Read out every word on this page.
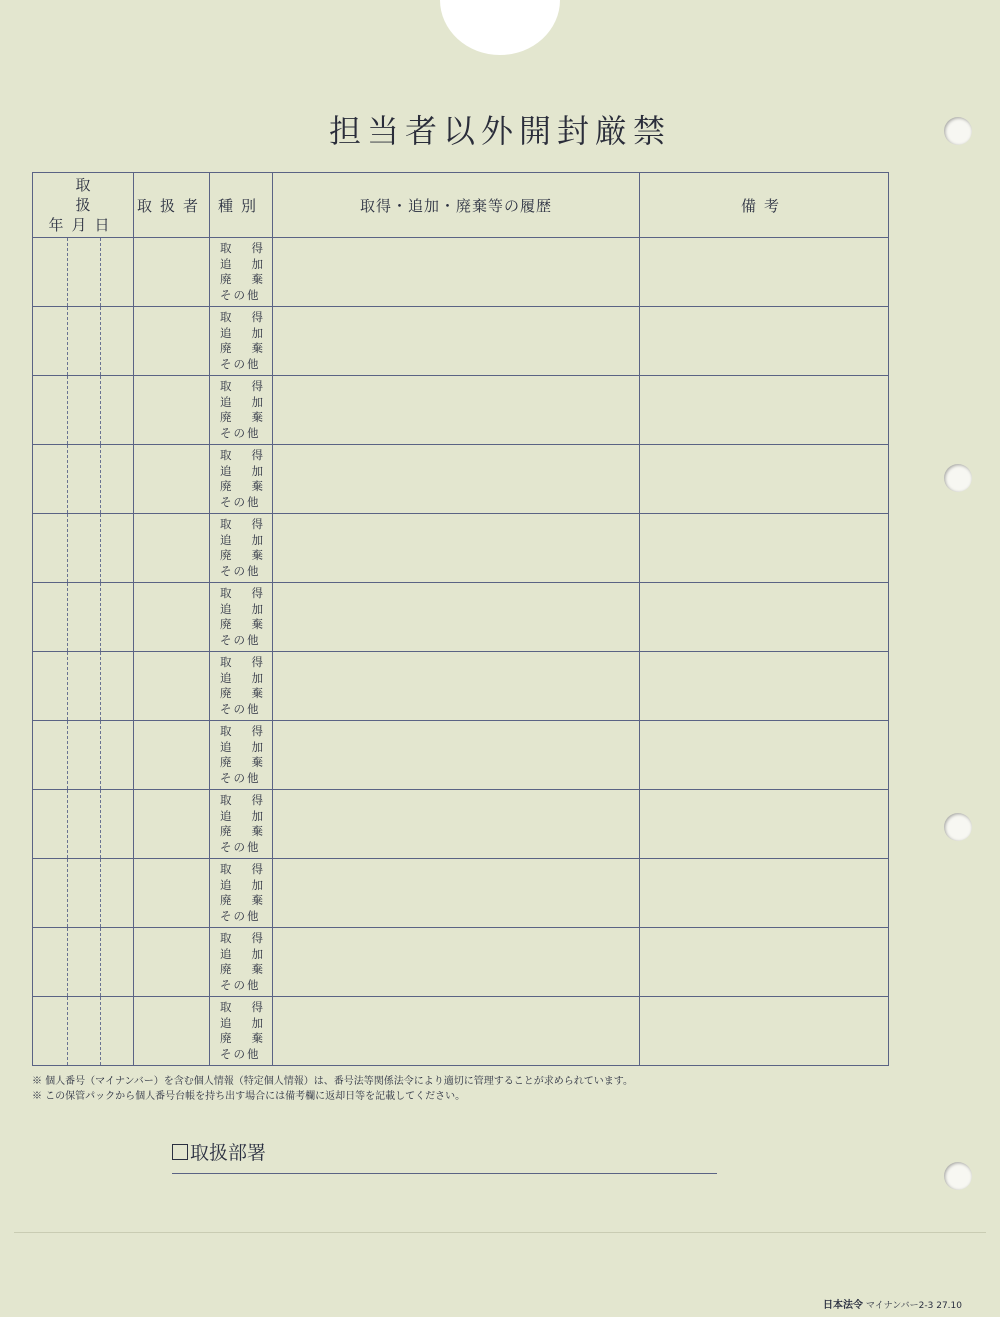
担当者以外開封厳禁
取扱
年月日	取扱者	種別	取得・追加・廃棄等の履歴	備考

		取 得
追 加
廃 棄
その他		

		取 得
追 加
廃 棄
その他		

		取 得
追 加
廃 棄
その他		

		取 得
追 加
廃 棄
その他		

		取 得
追 加
廃 棄
その他		

		取 得
追 加
廃 棄
その他		

		取 得
追 加
廃 棄
その他		

		取 得
追 加
廃 棄
その他		

		取 得
追 加
廃 棄
その他		

		取 得
追 加
廃 棄
その他		

		取 得
追 加
廃 棄
その他		

		取 得
追 加
廃 棄
その他		

※ 個人番号（マイナンバー）を含む個人情報（特定個人情報）は、番号法等関係法令により適切に管理することが求められています。
※ この保管パックから個人番号台帳を持ち出す場合には備考欄に返却日等を記載してください。
取扱部署
日本法令 マイナンバー2-3 27.10
